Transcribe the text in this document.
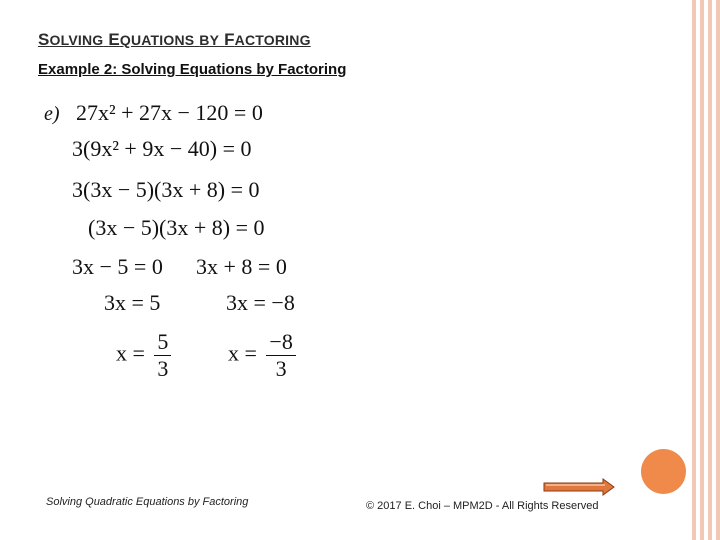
SOLVING EQUATIONS BY FACTORING
Example 2: Solving Equations by Factoring
e) 27x² + 27x − 120 = 0
3(9x² + 9x − 40) = 0
3(3x − 5)(3x + 8) = 0
(3x − 5)(3x + 8) = 0
3x − 5 = 0 3x + 8 = 0
3x = 5	3x = −8
$x = \frac{5}{3}$	$x = \frac{-8}{3}$
Solving Quadratic Equations by Factoring	© 2017 E. Choi – MPM2D - All Rights Reserved
